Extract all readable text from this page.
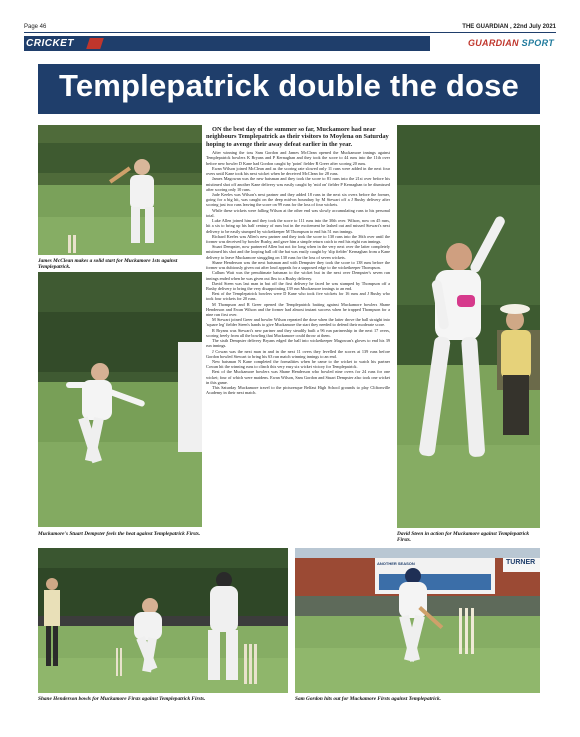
Page 46	THE GUARDIAN , 22nd July 2021
CRICKET	GUARDIAN SPORT
Templepatrick double the dose
James McClean makes a solid start for Muckamore 1sts against Templepatrick.
Muckamore's Stuart Dempster feels the heat against Templepatrick Firsts.

ON the best day of the summer so far, Muckamore had near neighbours Templepatrick as their visitors to Moylena on Saturday hoping to avenge their away defeat earlier in the year.

After winning the toss Sam Gordon and James McClean opened the Muckamore innings against Templepatrick bowlers K Bryans and P Kernaghan and they took the score to 44 runs into the 11th over before new bowler D Kane had Gordon caught by 'point' fielder R Greer after scoring 20 runs.

Ewan Wilson joined McClean and as the scoring rate slowed only 11 runs were added in the next four overs until Kane took his next wicket when he deceived McClean for 28 runs.

James Magowan was the new batsman and they took the score to 81 runs into the 21st over before his mistimed shot off another Kane delivery was easily caught by 'mid on' fielder P Kernaghan to be dismissed after scoring only 10 runs.

Jude Keeles was Wilson's next partner and they added 18 runs in the next six overs before the former, going for a big hit, was caught on the deep mid-on boundary by M Stewart off a J Busby delivery after scoring just two runs leaving the score on 99 runs for the loss of four wickets.

While these wickets were falling Wilson at the other end was slowly accumulating runs to his personal total.

Luke Allen joined him and they took the score to 111 runs into the 30th over. Wilson, now on 45 runs, hit a six to bring up his half century of runs but in the excitement he lashed out and missed Stewart's next delivery to be easily stumped by wicketkeeper M Thompson to end his 51 run innings.

Richard Keeles was Allen's new partner and they took the score to 130 runs into the 36th over until the former was deceived by bowler Busby, and gave him a simple return catch to end his eight run innings.

Stuart Dempster, now partnered Allen but not for long when in the very next over the latter completely mistimed his shot and the looping ball off the bat was easily caught by 'slip fielder' Kernaghan from a Kane delivery to leave Muckamore struggling on 130 runs for the loss of seven wickets.

Shane Henderson was the next batsman and with Dempster they took the score to 138 runs before the former was dubiously given out after loud appeals for a supposed edge to the wicketkeeper Thompson.

Callum Watt was the penultimate batsman to the wicket but in the next over Dempster's seven run innings ended when he was given out lbw to a Busby delivery.

David Steen was last man in but off the first delivery he faced he was stumped by Thompson off a Busby delivery to bring the very disappointing 139 run Muckamore innings to an end.

Best of the Templepatrick bowlers were D Kane who took five wickets for 16 runs and J Busby who took four wickets for 20 runs.

M Thompson and R Greer opened the Templepatrick batting against Muckamore bowlers Shane Henderson and Ewan Wilson and the former had almost instant success when he trapped Thompson for a nine run first over.

M Stewart joined Greer and bowler Wilson repeated the dose when the latter drove the ball straight into 'square leg' fielder Steen's hands to give Muckamore the start they needed to defend their moderate score.

R Bryans was Stewart's new partner and they steadily built a 96 run partnership in the next 17 overs, scoring freely from all the bowling that Muckamore could throw at them.

The sixth Dempster delivery Bryans edged the ball into wicketkeeper Magowan's gloves to end his 39 run innings.

J Cowan was the next man in and in the next 11 overs they levelled the scores at 139 runs before Gordon bowled Stewart to bring his 63 run match winning innings to an end.

New batsman N Kane completed the formalities when he came to the wicket to watch his partner Cowan hit the winning runs to clinch this very easy six wicket victory for Templepatrick.

Best of the Muckamore bowlers was Shane Henderson who bowled nine overs for 24 runs for one wicket; four of which were maidens. Ewan Wilson, Sam Gordon and Stuart Dempster also took one wicket in this game.

This Saturday Muckamore travel to the picturesque Belfast High School grounds to play Cliftonville Academy in their next match.

David Steen in action for Muckamore against Templepatrick Firsts.
Shane Henderson bowls for Muckamore Firsts against Templepatrick Firsts.
ANOTHER SEASON	TURNER
Sam Gordon hits out for Muckamore Firsts against Templepatrick.
